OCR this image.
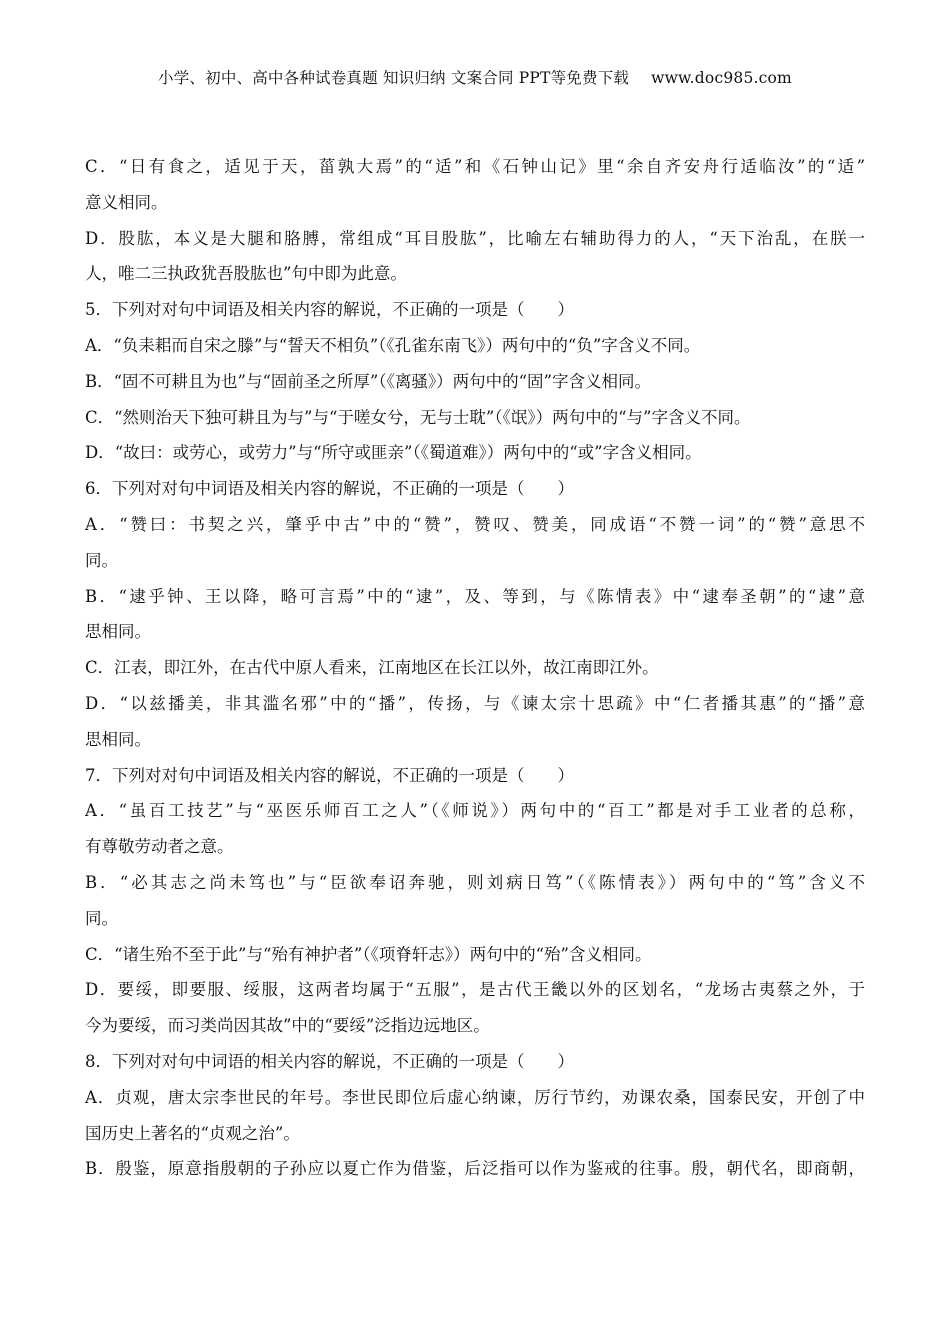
小学、初中、高中各种试卷真题 知识归纳 文案合同 PPT等免费下载 www.doc985.com
C．“日有食之，适见于天，菑孰大焉”的“适”和《石钟山记》里“余自齐安舟行适临汝”的“适”
意义相同。
D．股肱，本义是大腿和胳膊，常组成“耳目股肱”，比喻左右辅助得力的人，“天下治乱，在朕一
人，唯二三执政犹吾股肱也”句中即为此意。
5．下列对对句中词语及相关内容的解说，不正确的一项是（　　）
A．“负耒耜而自宋之滕”与“誓天不相负”（《孔雀东南飞》）两句中的“负”字含义不同。
B．“固不可耕且为也”与“固前圣之所厚”（《离骚》）两句中的“固”字含义相同。
C．“然则治天下独可耕且为与”与“于嗟女兮，无与士耽”（《氓》）两句中的“与”字含义不同。
D．“故曰：或劳心，或劳力”与“所守或匪亲”（《蜀道难》）两句中的“或”字含义相同。
6．下列对对句中词语及相关内容的解说，不正确的一项是（　　）
A．“赞曰：书契之兴，肇乎中古”中的“赞”，赞叹、赞美，同成语“不赞一词”的“赞”意思不
同。
B．“逮乎钟、王以降，略可言焉”中的“逮”，及、等到，与《陈情表》中“逮奉圣朝”的“逮”意
思相同。
C．江表，即江外，在古代中原人看来，江南地区在长江以外，故江南即江外。
D．“以兹播美，非其滥名邪”中的“播”，传扬，与《谏太宗十思疏》中“仁者播其惠”的“播”意
思相同。
7．下列对对句中词语及相关内容的解说，不正确的一项是（　　）
A．“虽百工技艺”与“巫医乐师百工之人”（《师说》）两句中的“百工”都是对手工业者的总称，
有尊敬劳动者之意。
B．“必其志之尚未笃也”与“臣欲奉诏奔驰，则刘病日笃”（《陈情表》）两句中的“笃”含义不
同。
C．“诸生殆不至于此”与“殆有神护者”（《项脊轩志》）两句中的“殆”含义相同。
D．要绥，即要服、绥服，这两者均属于“五服”，是古代王畿以外的区划名，“龙场古夷蔡之外，于
今为要绥，而习类尚因其故”中的“要绥”泛指边远地区。
8．下列对对句中词语的相关内容的解说，不正确的一项是（　　）
A．贞观，唐太宗李世民的年号。李世民即位后虚心纳谏，厉行节约，劝课农桑，国泰民安，开创了中
国历史上著名的“贞观之治”。
B．殷鉴，原意指殷朝的子孙应以夏亡作为借鉴，后泛指可以作为鉴戒的往事。殷，朝代名，即商朝，
